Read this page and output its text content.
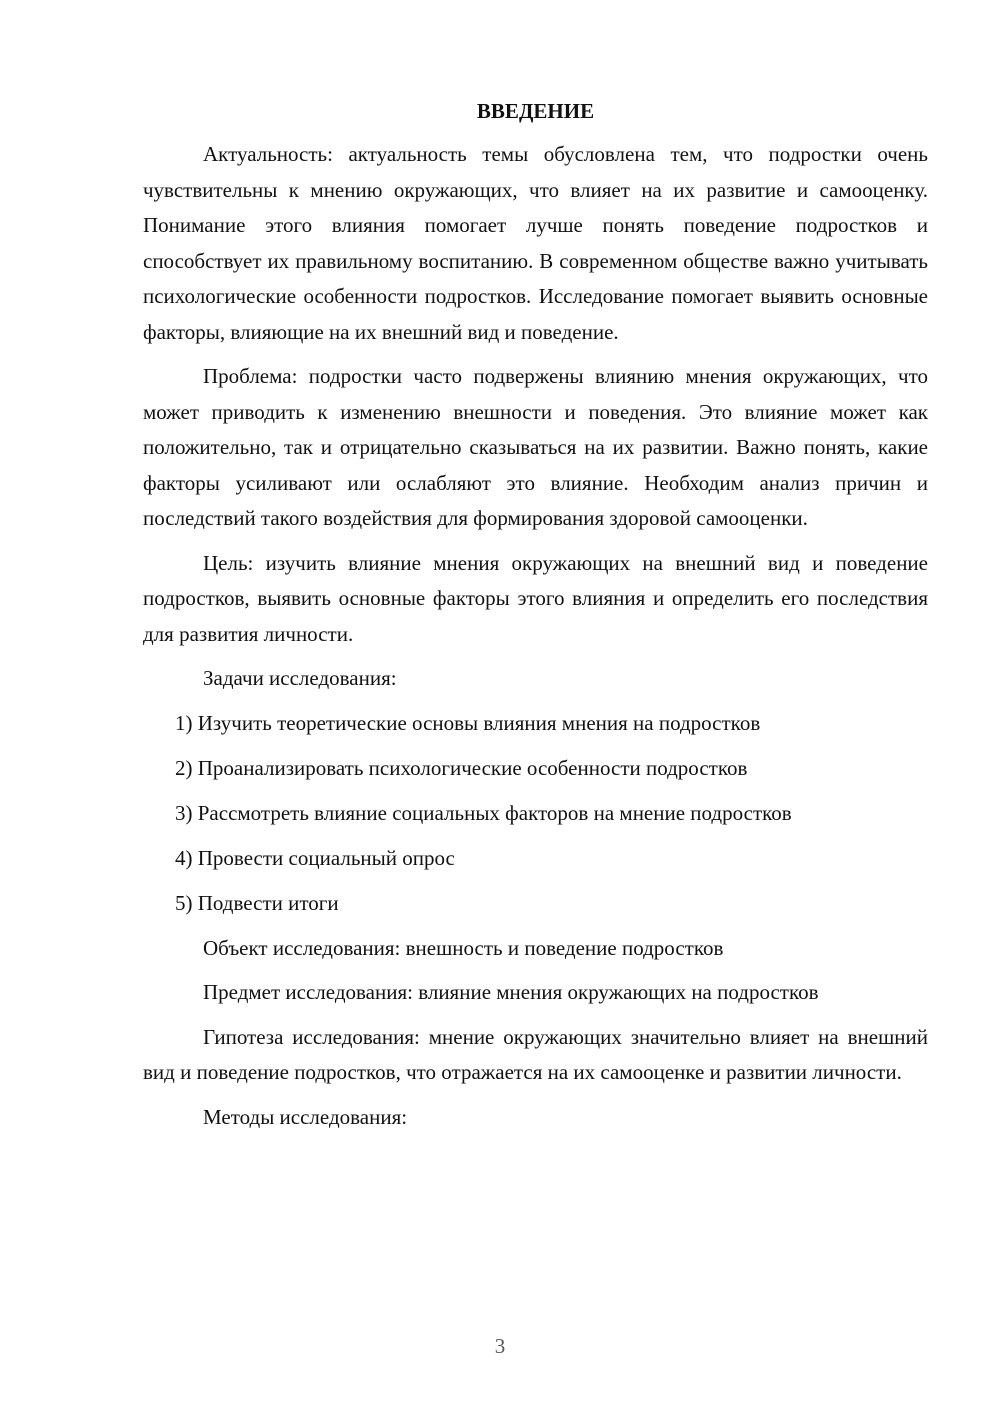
ВВЕДЕНИЕ

Актуальность: актуальность темы обусловлена тем, что подростки очень чувствительны к мнению окружающих, что влияет на их развитие и самооценку. Понимание этого влияния помогает лучше понять поведение подростков и способствует их правильному воспитанию. В современном обществе важно учитывать психологические особенности подростков. Исследование помогает выявить основные факторы, влияющие на их внешний вид и поведение.

Проблема: подростки часто подвержены влиянию мнения окружающих, что может приводить к изменению внешности и поведения. Это влияние может как положительно, так и отрицательно сказываться на их развитии. Важно понять, какие факторы усиливают или ослабляют это влияние. Необходим анализ причин и последствий такого воздействия для формирования здоровой самооценки.

Цель: изучить влияние мнения окружающих на внешний вид и поведение подростков, выявить основные факторы этого влияния и определить его последствия для развития личности.

Задачи исследования:

1) Изучить теоретические основы влияния мнения на подростков
2) Проанализировать психологические особенности подростков
3) Рассмотреть влияние социальных факторов на мнение подростков
4) Провести социальный опрос
5) Подвести итоги

Объект исследования: внешность и поведение подростков

Предмет исследования: влияние мнения окружающих на подростков

Гипотеза исследования: мнение окружающих значительно влияет на внешний вид и поведение подростков, что отражается на их самооценке и развитии личности.

Методы исследования:

3
